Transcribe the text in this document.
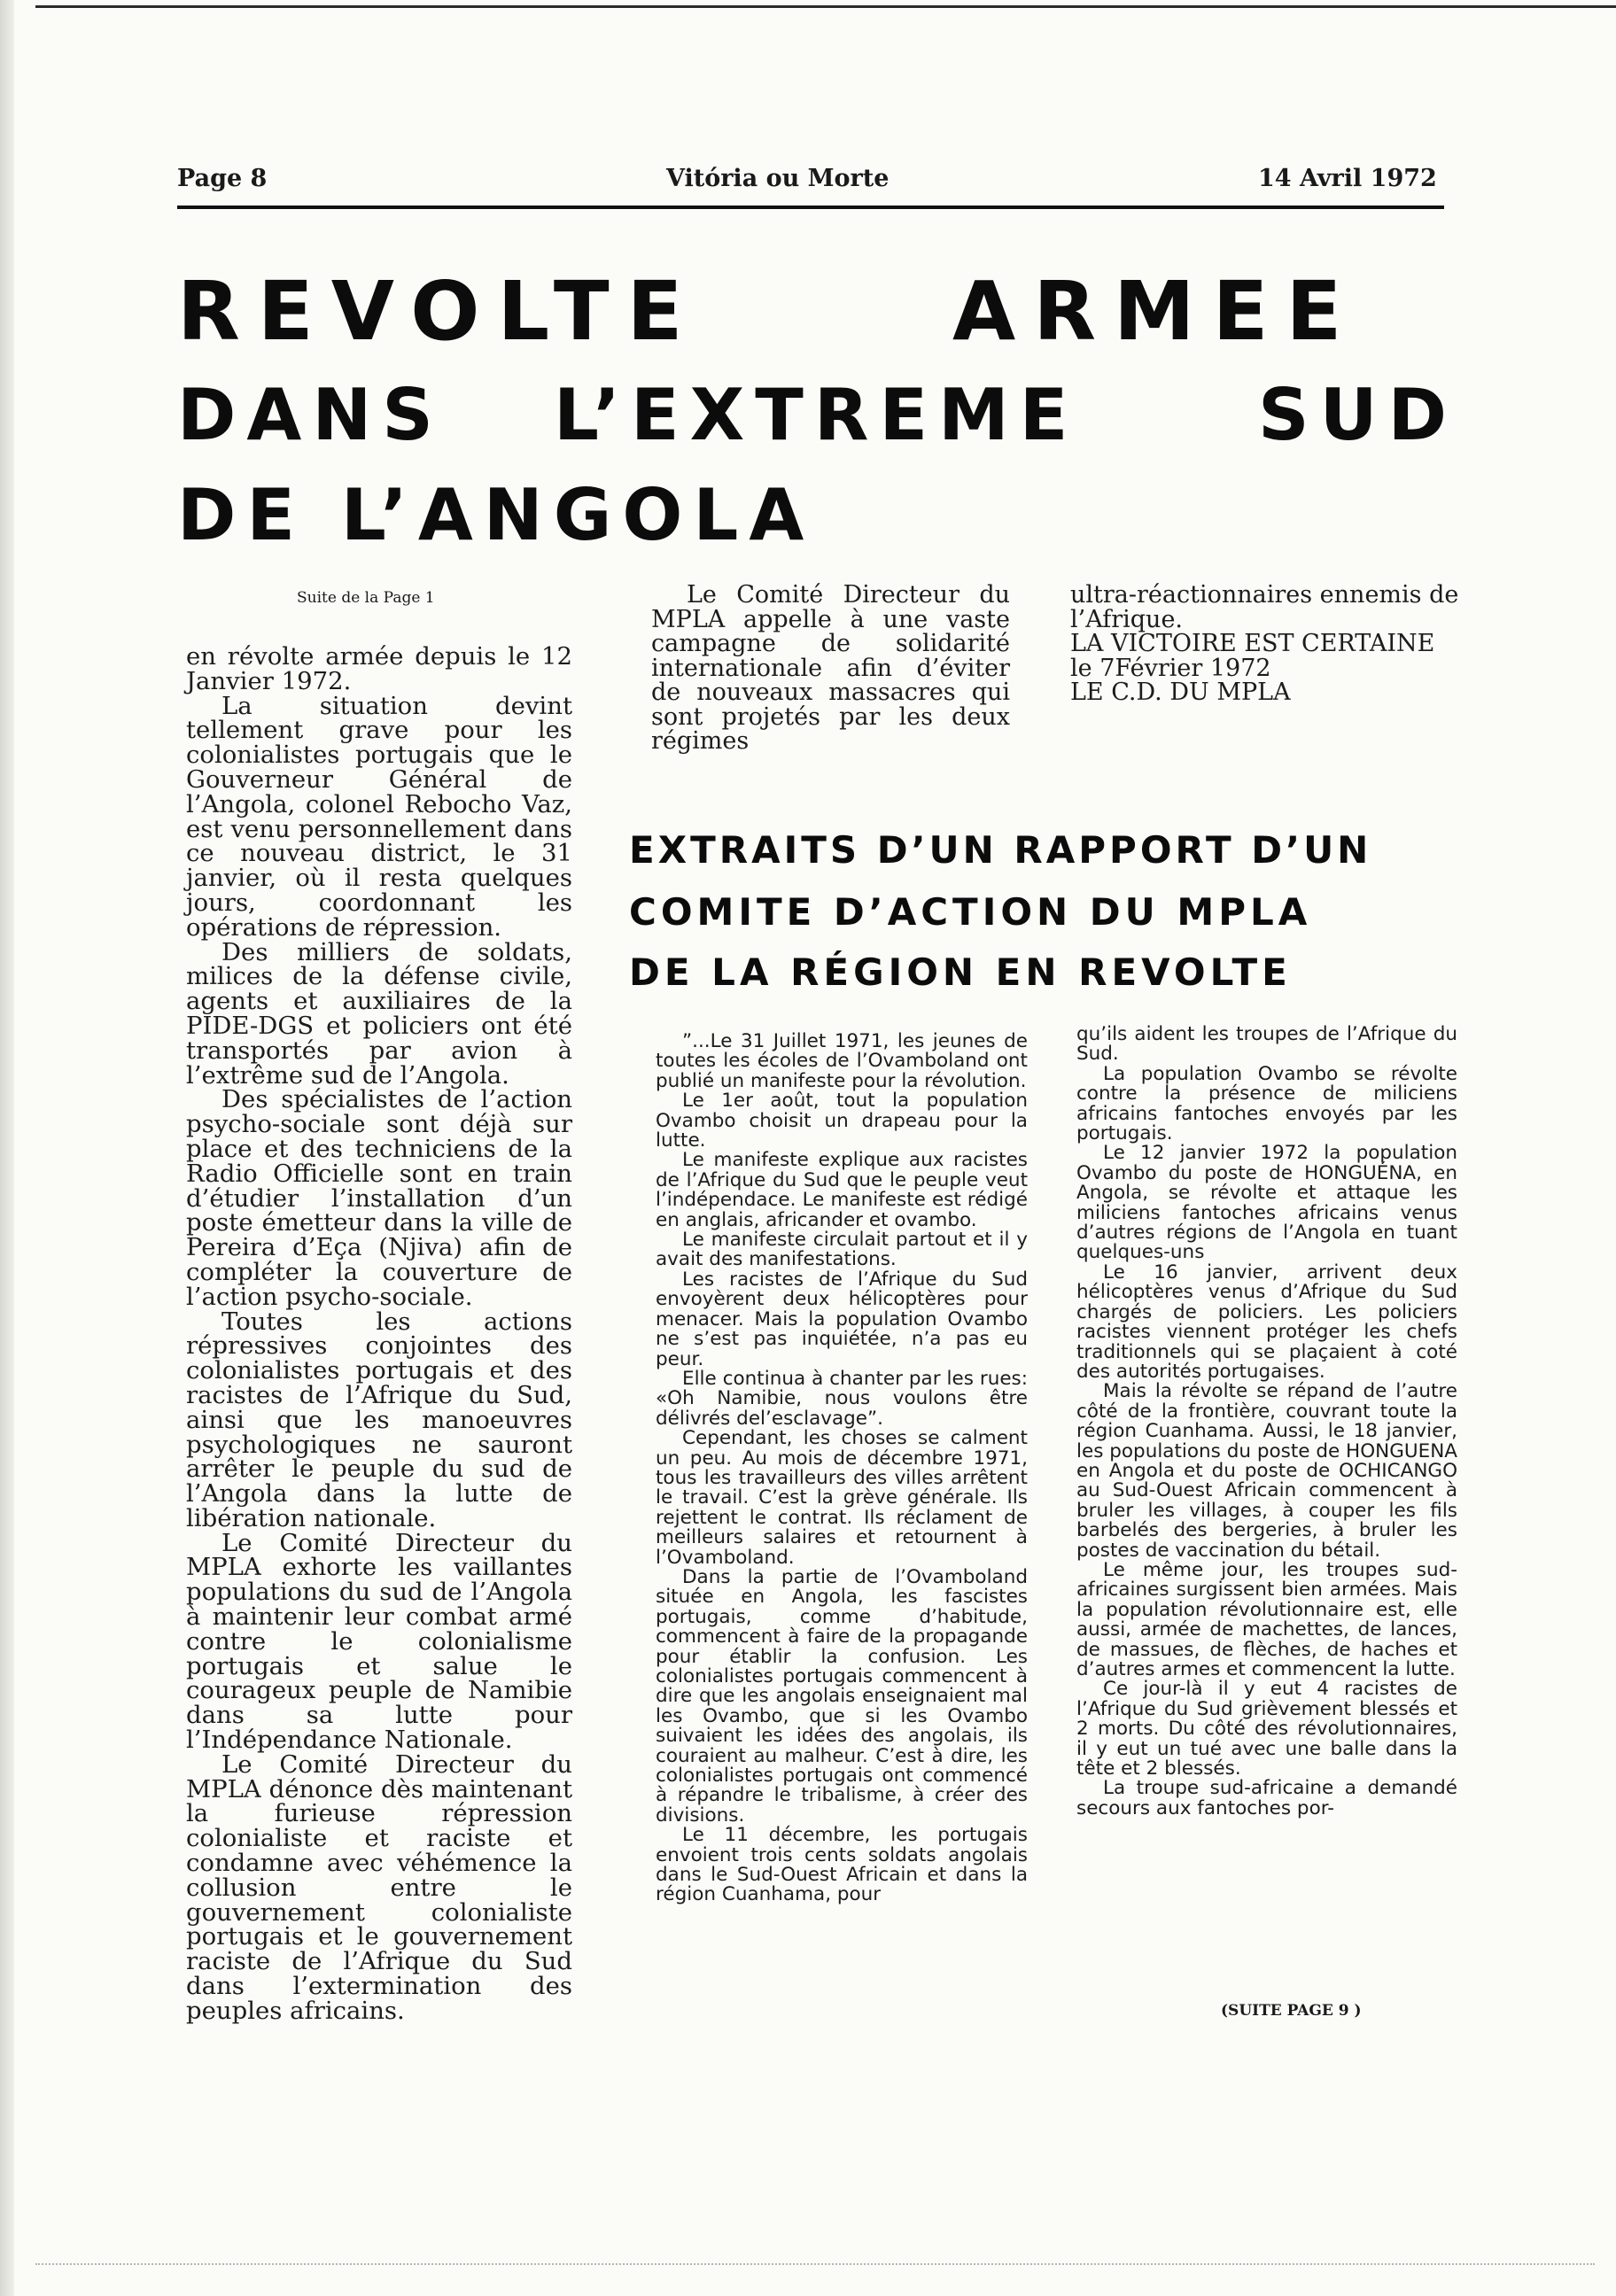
Page 8	Vitória ou Morte	14 Avril 1972
REVOLTE	ARMEE
DANS L’EXTREME	SUD
DE L’ANGOLA
Suite de la Page 1

en révolte armée depuis le 12 Janvier 1972.

La situation devint tellement grave pour les colonialistes portugais que le Gouverneur Général de l’Angola, colonel Rebocho Vaz, est venu personnellement dans ce nouveau district, le 31 janvier, où il resta quelques jours, coordonnant les opérations de répression.

Des milliers de soldats, milices de la défense civile, agents et auxiliaires de la PIDE-DGS et policiers ont été transportés par avion à l’extrême sud de l’Angola.

Des spécialistes de l’action psycho-sociale sont déjà sur place et des techniciens de la Radio Officielle sont en train d’étudier l’installation d’un poste émetteur dans la ville de Pereira d’Eça (Njiva) afin de compléter la couverture de l’action psycho-sociale.

Toutes les actions répressives conjointes des colonialistes portugais et des racistes de l’Afrique du Sud, ainsi que les manoeuvres psychologiques ne sauront arrêter le peuple du sud de l’Angola dans la lutte de libération nationale.

Le Comité Directeur du MPLA exhorte les vaillantes populations du sud de l’Angola à maintenir leur combat armé contre le colonialisme portugais et salue le courageux peuple de Namibie dans sa lutte pour l’Indépendance Nationale.

Le Comité Directeur du MPLA dénonce dès maintenant la furieuse répression colonialiste et raciste et condamne avec véhémence la collusion entre le gouvernement colonialiste portugais et le gouvernement raciste de l’Afrique du Sud dans l’extermination des peuples africains.

Le Comité Directeur du MPLA appelle à une vaste campagne de solidarité internationale afin d’éviter de nouveaux massacres qui sont projetés par les deux régimes

ultra-réactionnaires ennemis de l’Afrique.

LA VICTOIRE EST CERTAINE

le 7Février 1972

LE C.D. DU MPLA

EXTRAITS D’UN RAPPORT D’UN
COMITE D’ACTION DU MPLA
DE LA RÉGION EN REVOLTE

”...Le 31 Juillet 1971, les jeunes de toutes les écoles de l’Ovamboland ont publié un manifeste pour la révolution.

Le 1er août, tout la population Ovambo choisit un drapeau pour la lutte.

Le manifeste explique aux racistes de l’Afrique du Sud que le peuple veut l’indépendace. Le manifeste est rédigé en anglais, africander et ovambo.

Le manifeste circulait partout et il y avait des manifestations.

Les racistes de l’Afrique du Sud envoyèrent deux hélicoptères pour menacer. Mais la population Ovambo ne s’est pas inquiétée, n’a pas eu peur.

Elle continua à chanter par les rues: «Oh Namibie, nous voulons être délivrés del’esclavage”.

Cependant, les choses se calment un peu. Au mois de décembre 1971, tous les travailleurs des villes arrêtent le travail. C’est la grève générale. Ils rejettent le contrat. Ils réclament de meilleurs salaires et retournent à l’Ovamboland.

Dans la partie de l’Ovamboland située en Angola, les fascistes portugais, comme d’habitude, commencent à faire de la propagande pour établir la confusion. Les colonialistes portugais commencent à dire que les angolais enseignaient mal les Ovambo, que si les Ovambo suivaient les idées des angolais, ils couraient au malheur. C’est à dire, les colonialistes portugais ont commencé à répandre le tribalisme, à créer des divisions.

Le 11 décembre, les portugais envoient trois cents soldats angolais dans le Sud-Ouest Africain et dans la région Cuanhama, pour

qu’ils aident les troupes de l’Afrique du Sud.

La population Ovambo se révolte contre la présence de miliciens africains fantoches envoyés par les portugais.

Le 12 janvier 1972 la population Ovambo du poste de HONGUÉNA, en Angola, se révolte et attaque les miliciens fantoches africains venus d’autres régions de l’Angola en tuant quelques-uns

Le 16 janvier, arrivent deux hélicoptères venus d’Afrique du Sud chargés de policiers. Les policiers racistes viennent protéger les chefs traditionnels qui se plaçaient à coté des autorités portugaises.

Mais la révolte se répand de l’autre côté de la frontière, couvrant toute la région Cuanhama. Aussi, le 18 janvier, les populations du poste de HONGUENA en Angola et du poste de OCHICANGO au Sud-Ouest Africain commencent à bruler les villages, à couper les fils barbelés des bergeries, à bruler les postes de vaccination du bétail.

Le même jour, les troupes sud-africaines surgissent bien armées. Mais la population révolutionnaire est, elle aussi, armée de machettes, de lances, de massues, de flèches, de haches et d’autres armes et commencent la lutte.

Ce jour-là il y eut 4 racistes de l’Afrique du Sud grièvement blessés et 2 morts. Du côté des révolutionnaires, il y eut un tué avec une balle dans la tête et 2 blessés.

La troupe sud-africaine a demandé secours aux fantoches por-

(SUITE PAGE 9 )
